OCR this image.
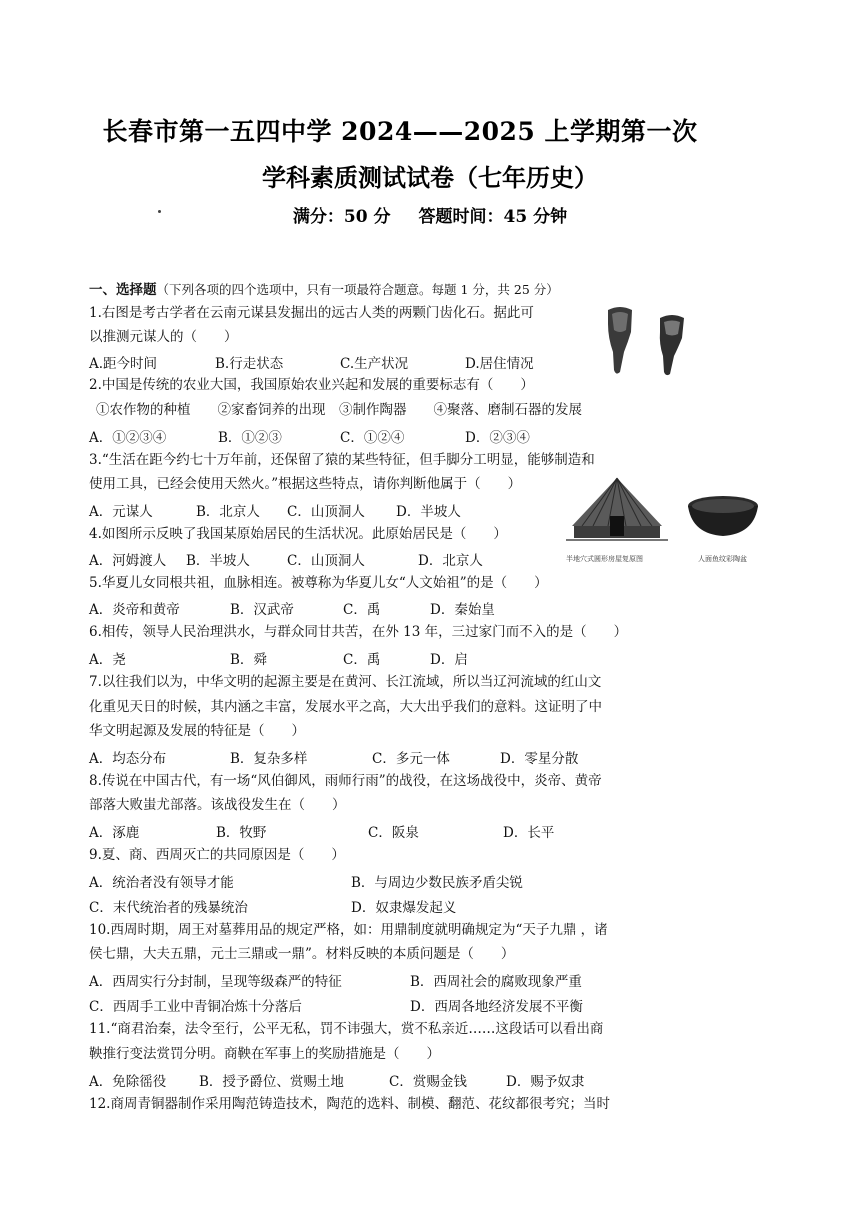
长春市第一五四中学 2024——2025 上学期第一次
学科素质测试试卷（七年历史）
满分：50 分 答题时间：45 分钟
一、选择题（下列各项的四个选项中，只有一项最符合题意。每题 1 分，共 25 分）
1.右图是考古学者在云南元谋县发掘出的远古人类的两颗门齿化石。据此可
以推测元谋人的（　　）
A.距今时间	B.行走状态	C.生产状况	D.居住情况
2.中国是传统的农业大国，我国原始农业兴起和发展的重要标志有（　　）
①农作物的种植　　②家畜饲养的出现　③制作陶器　　④聚落、磨制石器的发展
A．①②③④	B．①②③	C．①②④	D．②③④
3.“生活在距今约七十万年前，还保留了猿的某些特征，但手脚分工明显，能够制造和
使用工具，已经会使用天然火。”根据这些特点，请你判断他属于（　　）
A．元谋人	B．北京人 C．山顶洞人 D．半坡人
4.如图所示反映了我国某原始居民的生活状况。此原始居民是（　　）
A．河姆渡人 B．半坡人	C．山顶洞人	D．北京人	半地穴式圆形房屋复原图	人面鱼纹彩陶盆
5.华夏儿女同根共祖，血脉相连。被尊称为华夏儿女“人文始祖”的是（　　）
A．炎帝和黄帝	B．汉武帝	C．禹	D．秦始皇
6.相传，领导人民治理洪水，与群众同甘共苦，在外 13 年，三过家门而不入的是（　　）
A．尧	B．舜	C．禹	D．启
7.以往我们以为，中华文明的起源主要是在黄河、长江流域，所以当辽河流域的红山文
化重见天日的时候，其内涵之丰富，发展水平之高，大大出乎我们的意料。这证明了中
华文明起源及发展的特征是（　　）
A．均态分布	B．复杂多样	C．多元一体	D．零星分散
8.传说在中国古代，有一场“风伯御风，雨师行雨”的战役，在这场战役中，炎帝、黄帝
部落大败蚩尤部落。该战役发生在（　　）
A．涿鹿	B．牧野	C．阪泉	D．长平
9.夏、商、西周灭亡的共同原因是（　　）
A．统治者没有领导才能	B．与周边少数民族矛盾尖锐
C．末代统治者的残暴统治	D．奴隶爆发起义
10.西周时期，周王对墓葬用品的规定严格，如：用鼎制度就明确规定为“天子九鼎 ，诸
侯七鼎，大夫五鼎，元士三鼎或一鼎”。材料反映的本质问题是（　　）
A．西周实行分封制，呈现等级森严的特征	B．西周社会的腐败现象严重
C．西周手工业中青铜冶炼十分落后	D．西周各地经济发展不平衡
11.“商君治秦，法令至行，公平无私，罚不讳强大，赏不私亲近……这段话可以看出商
鞅推行变法赏罚分明。商鞅在军事上的奖励措施是（　　）
A．免除徭役 B．授予爵位、赏赐土地	C．赏赐金钱	D．赐予奴隶
12.商周青铜器制作采用陶范铸造技术，陶范的选料、制模、翻范、花纹都很考究；当时
